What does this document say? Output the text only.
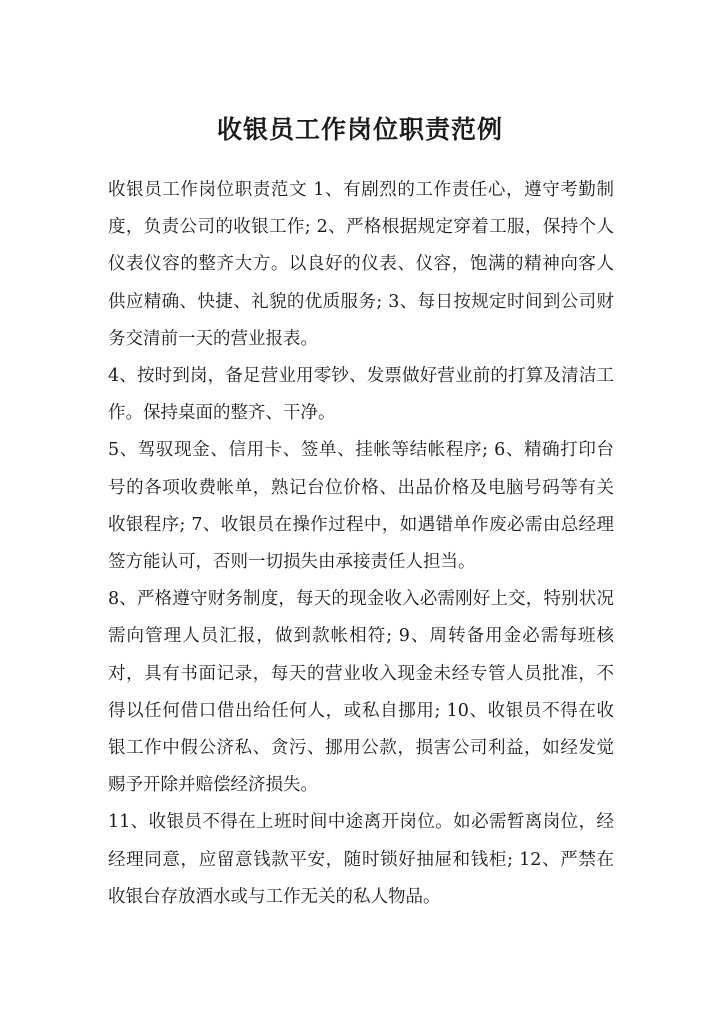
收银员工作岗位职责范例

收银员工作岗位职责范文 1、有剧烈的工作责任心，遵守考勤制度，负责公司的收银工作; 2、严格根据规定穿着工服，保持个人仪表仪容的整齐大方。以良好的仪表、仪容，饱满的精神向客人供应精确、快捷、礼貌的优质服务; 3、每日按规定时间到公司财务交清前一天的营业报表。

4、按时到岗，备足营业用零钞、发票做好营业前的打算及清洁工作。保持桌面的整齐、干净。

5、驾驭现金、信用卡、签单、挂帐等结帐程序; 6、精确打印台号的各项收费帐单，熟记台位价格、出品价格及电脑号码等有关收银程序; 7、收银员在操作过程中，如遇错单作废必需由总经理签方能认可，否则一切损失由承接责任人担当。

8、严格遵守财务制度，每天的现金收入必需刚好上交，特别状况需向管理人员汇报，做到款帐相符; 9、周转备用金必需每班核对，具有书面记录，每天的营业收入现金未经专管人员批准，不得以任何借口借出给任何人，或私自挪用; 10、收银员不得在收银工作中假公济私、贪污、挪用公款，损害公司利益，如经发觉赐予开除并赔偿经济损失。

11、收银员不得在上班时间中途离开岗位。如必需暂离岗位，经经理同意，应留意钱款平安，随时锁好抽屉和钱柜; 12、严禁在收银台存放酒水或与工作无关的私人物品。
